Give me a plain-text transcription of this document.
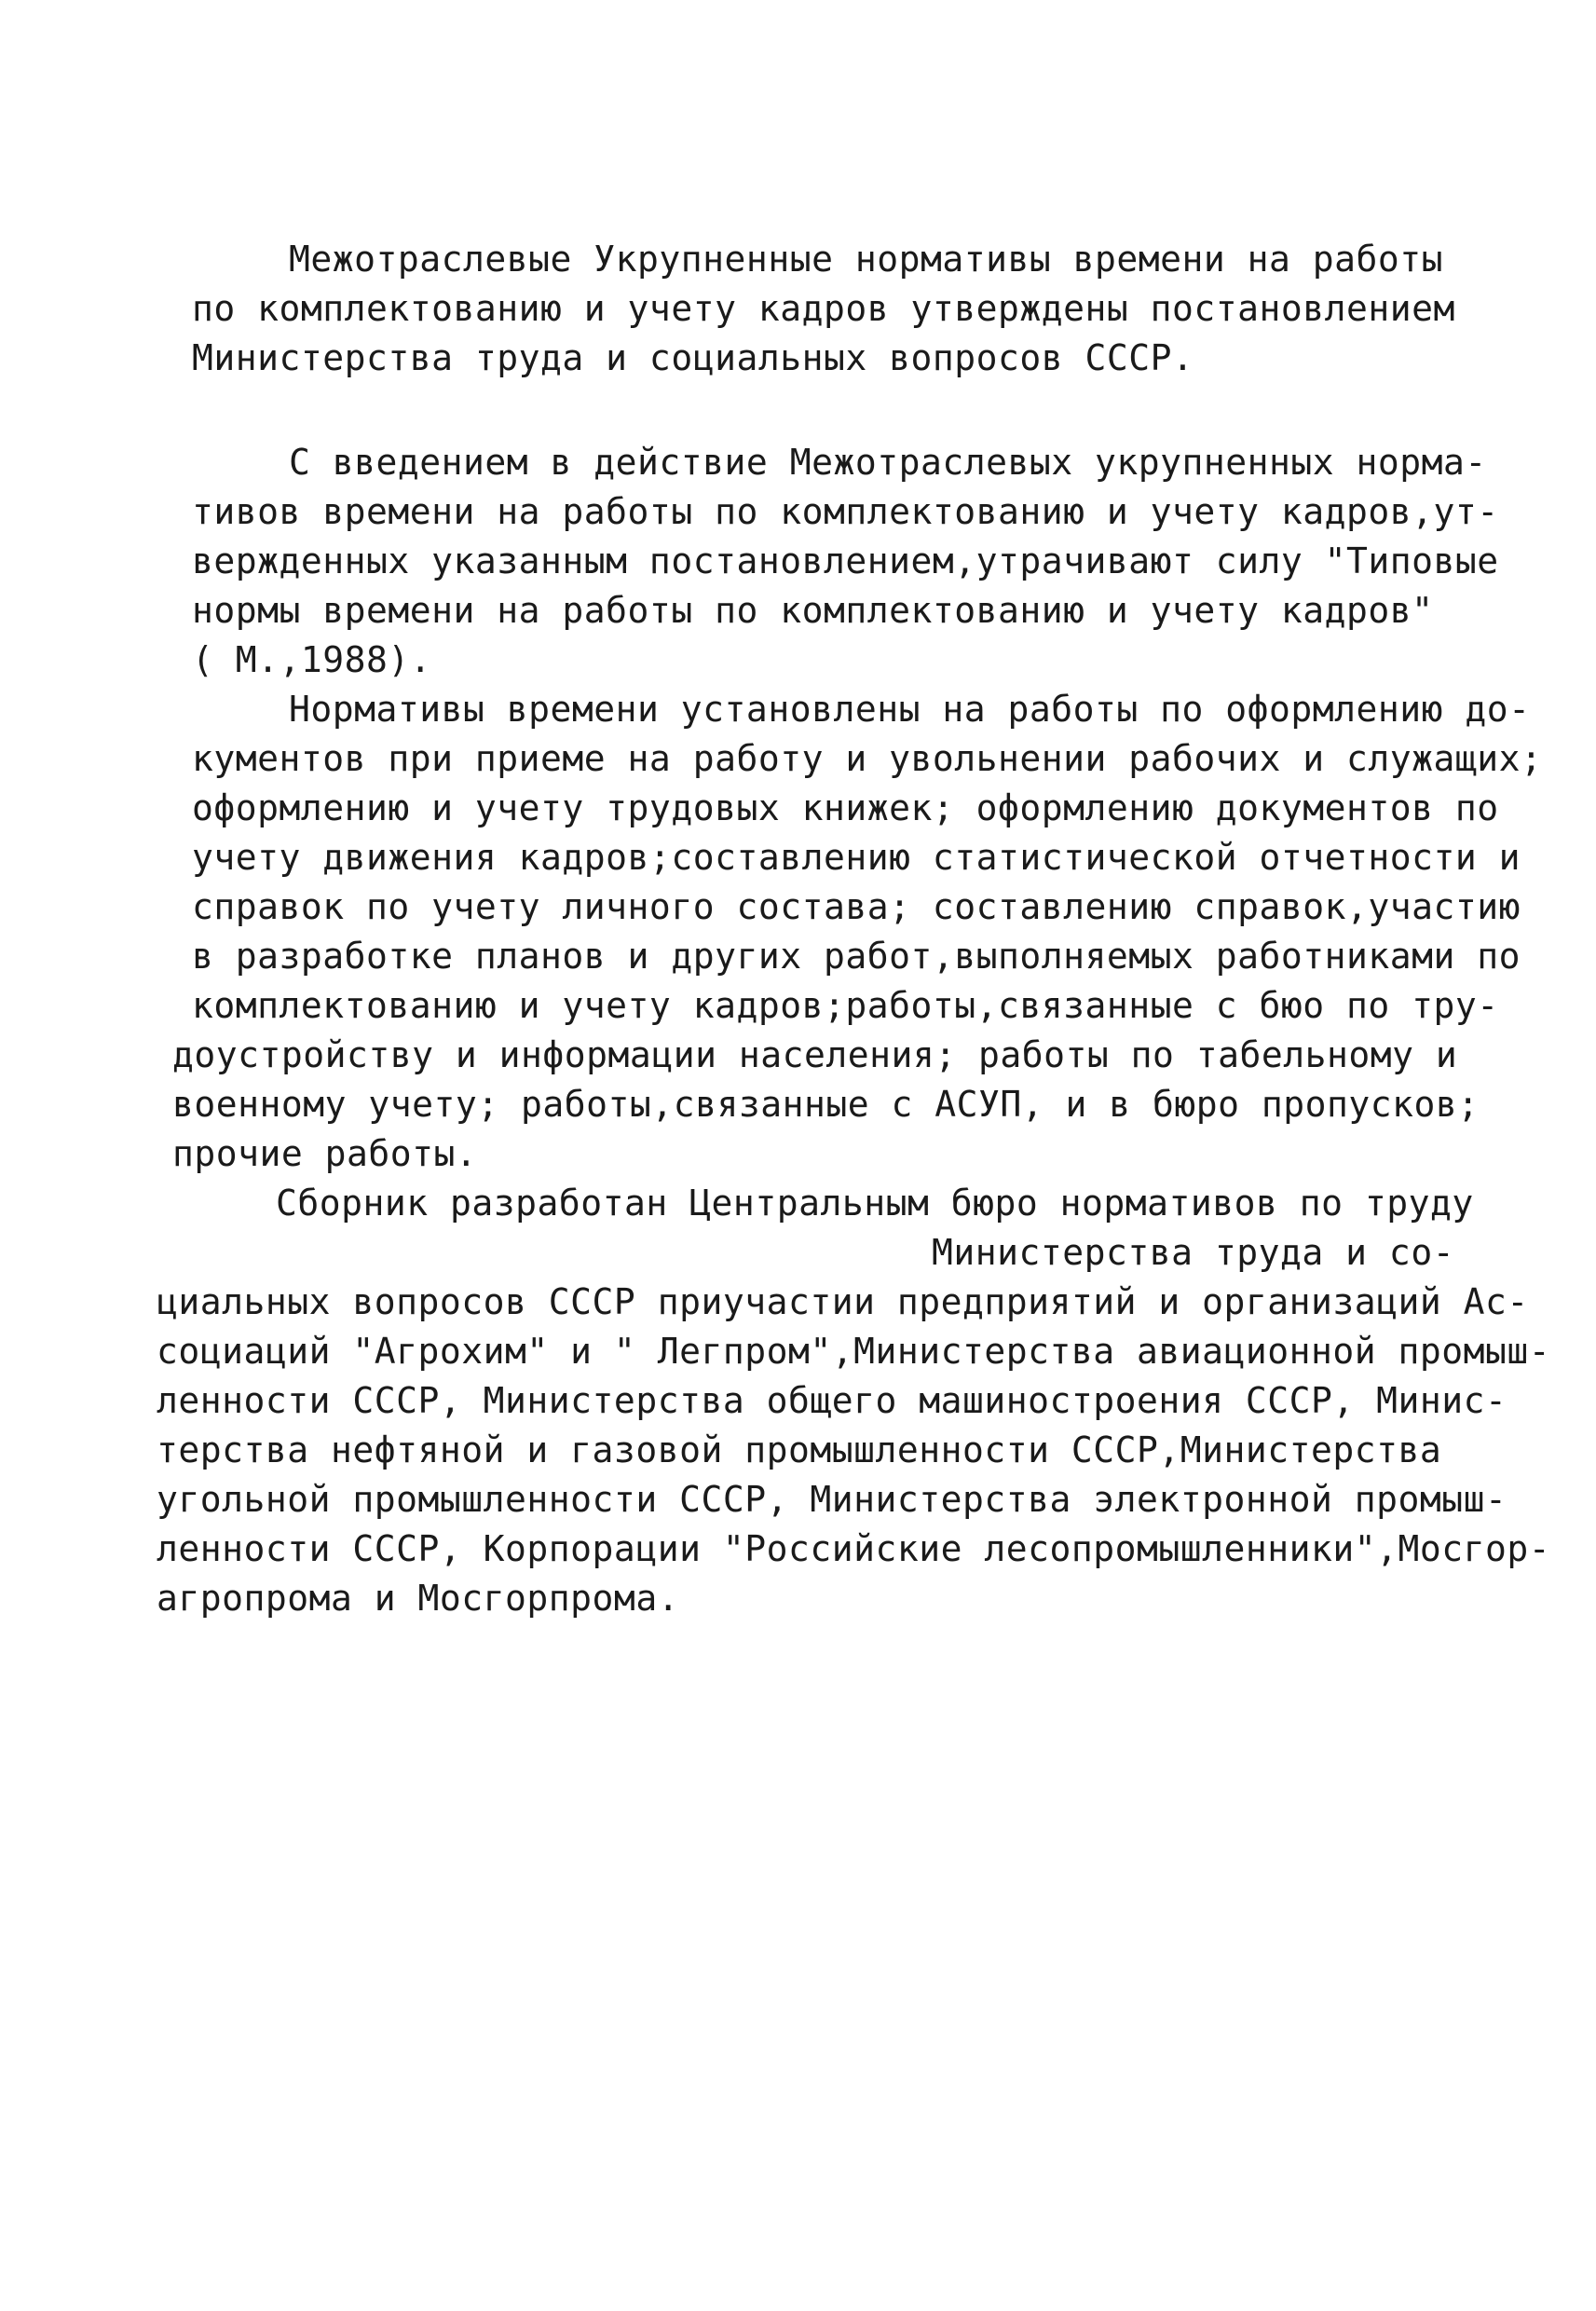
Межотраслевые Укрупненные нормативы времени на работы
по комплектованию и учету кадров утверждены постановлением
Министерства труда и социальных вопросов СССР.
С введением в действие Межотраслевых укрупненных норма-
тивов времени на работы по комплектованию и учету кадров,ут-
вержденных указанным постановлением,утрачивают силу "Типовые
нормы времени на работы по комплектованию и учету кадров"
( М.,1988).
Нормативы времени установлены на работы по оформлению до-
кументов при приеме на работу и увольнении рабочих и служащих;
оформлению и учету трудовых книжек; оформлению документов по
учету движения кадров;составлению статистической отчетности и
справок по учету личного состава; составлению справок,участию
в разработке планов и других работ,выполняемых работниками по
комплектованию и учету кадров;работы,связанные с бюо по тру-
доустройству и информации населения; работы по табельному и
военному учету; работы,связанные с АСУП, и в бюро пропусков;
прочие работы.
Сборник разработан Центральным бюро нормативов по труду
Министерства труда и со-
циальных вопросов СССР приучастии предприятий и организаций Ас-
социаций "Агрохим" и " Легпром",Министерства авиационной промыш-
ленности СССР, Министерства общего машиностроения СССР, Минис-
терства нефтяной и газовой промышленности СССР,Министерства
угольной промышленности СССР, Министерства электронной промыш-
ленности СССР, Корпорации "Российские лесопромышленники",Мосгор-
агропрома и Мосгорпрома.
